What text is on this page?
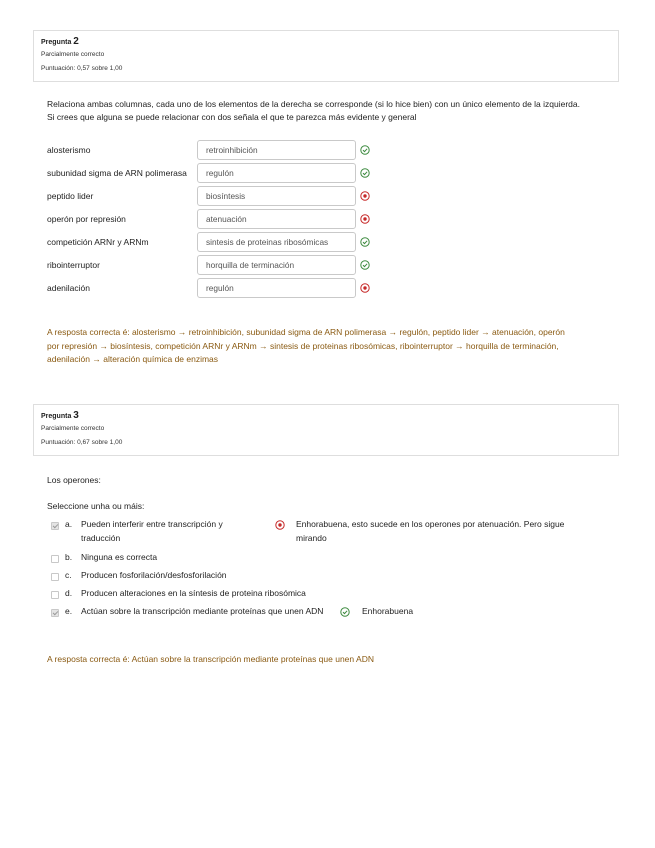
Pregunta 2
Parcialmente correcto
Puntuación: 0,57 sobre 1,00
Relaciona ambas columnas, cada uno de los elementos de la derecha se corresponde (si lo hice bien) con un único elemento de la izquierda.
Si crees que alguna se puede relacionar con dos señala el que te parezca más evidente y general
alosterismo	retroinhibición
subunidad sigma de ARN polimerasa	regulón
peptido lider	biosíntesis
operón por represión	atenuación
competición ARNr y ARNm	sintesis de proteinas ribosómicas
ribointerruptor	horquilla de terminación
adenilación	regulón
A resposta correcta é: alosterismo → retroinhibición, subunidad sigma de ARN polimerasa → regulón, peptido lider → atenuación, operón
por represión → biosíntesis, competición ARNr y ARNm → sintesis de proteinas ribosómicas, ribointerruptor → horquilla de terminación,
adenilación → alteración química de enzimas
Pregunta 3
Parcialmente correcto
Puntuación: 0,67 sobre 1,00
Los operones:
Seleccione unha ou máis:
a. Pueden interferir entre transcripción y
traducción
Enhorabuena, esto sucede en los operones por atenuación. Pero sigue
mirando
b. Ninguna es correcta
c. Producen fosforilación/desfosforilación
d. Producen alteraciones en la síntesis de proteina ribosómica
e. Actúan sobre la transcripción mediante proteínas que unen ADN	Enhorabuena
A resposta correcta é: Actúan sobre la transcripción mediante proteínas que unen ADN
